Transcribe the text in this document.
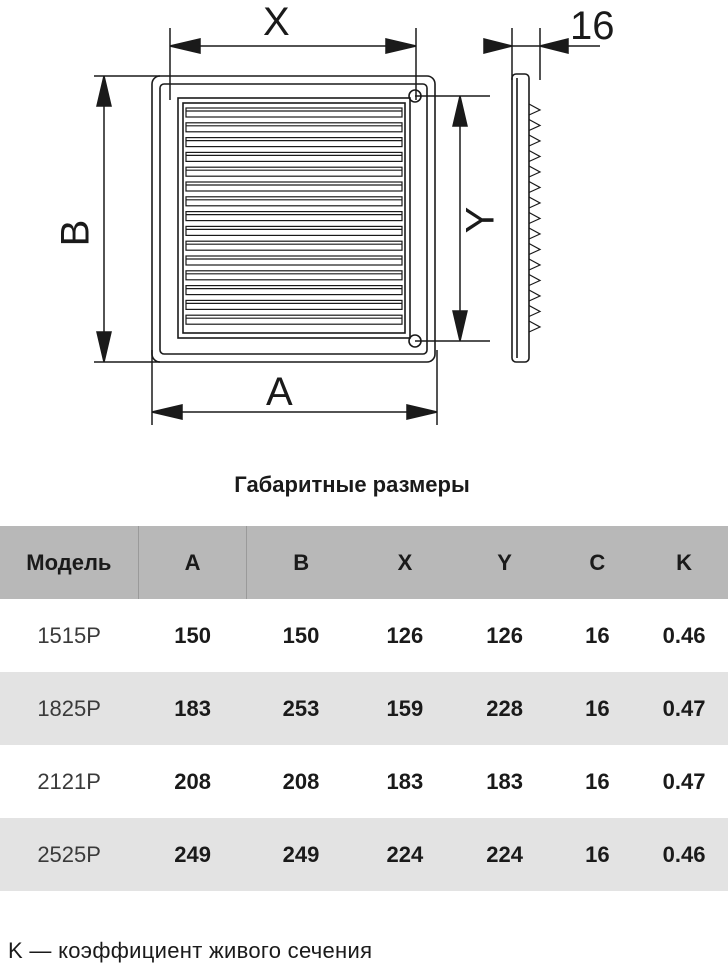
X	16
B	Y
A
Габаритные размеры
Модель	A	B	X	Y	C	K
1515P	150	150	126	126	16	0.46
1825P	183	253	159	228	16	0.47
2121P	208	208	183	183	16	0.47
2525P	249	249	224	224	16	0.46
K — коэффициент живого сечения
